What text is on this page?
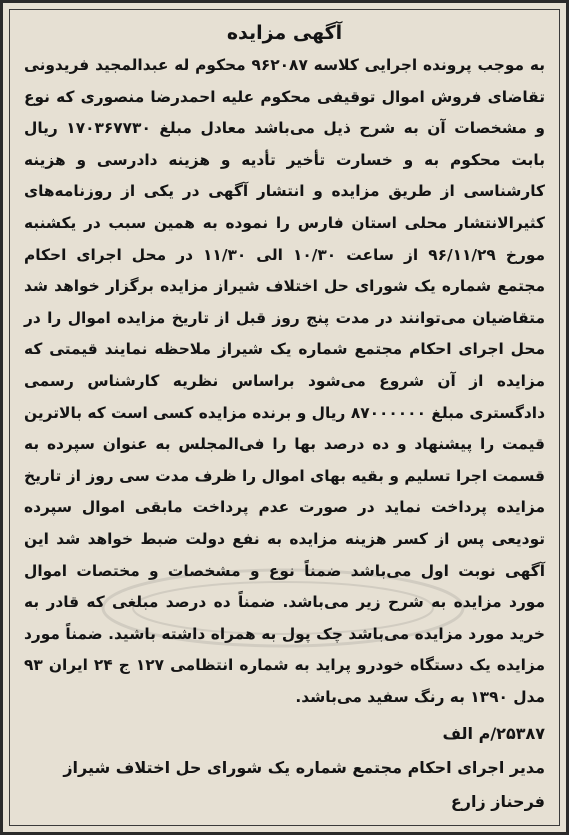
آگهی مزایده

به موجب پرونده اجرایی کلاسه ۹۶۲۰۸۷ محکوم له عبدالمجید فریدونی تقاضای فروش اموال توقیفی محکوم علیه احمدرضا منصوری که نوع و مشخصات آن به شرح ذیل می‌باشد معادل مبلغ ۱۷۰۳۶۷۷۳۰ ریال بابت محکوم به و خسارت تأخیر تأدیه و هزینه دادرسی و هزینه کارشناسی از طریق مزایده و انتشار آگهی در یکی از روزنامه‌های کثیرالانتشار محلی استان فارس را نموده به همین سبب در یکشنبه مورخ ۹۶/۱۱/۲۹ از ساعت ۱۰/۳۰ الی ۱۱/۳۰ در محل اجرای احکام مجتمع شماره یک شورای حل اختلاف شیراز مزایده برگزار خواهد شد متقاضیان می‌توانند در مدت پنج روز قبل از تاریخ مزایده اموال را در محل اجرای احکام مجتمع شماره یک شیراز ملاحظه نمایند قیمتی که مزایده از آن شروع می‌شود براساس نظریه کارشناس رسمی دادگستری مبلغ ۸۷۰۰۰۰۰۰ ریال و برنده مزایده کسی است که بالاترین قیمت را پیشنهاد و ده درصد بها را فی‌المجلس به عنوان سپرده به قسمت اجرا تسلیم و بقیه بهای اموال را ظرف مدت سی روز از تاریخ مزایده پرداخت نماید در صورت عدم پرداخت مابقی اموال سپرده تودیعی پس از کسر هزینه مزایده به نفع دولت ضبط خواهد شد این آگهی نوبت اول می‌باشد ضمناً نوع و مشخصات و مختصات اموال مورد مزایده به شرح زیر می‌باشد. ضمناً ده درصد مبلغی که قادر به خرید مورد مزایده می‌باشد چک پول به همراه داشته باشید. ضمناً مورد مزایده یک دستگاه خودرو پراید به شماره انتظامی ۱۲۷ ج ۲۴ ایران ۹۳ مدل ۱۳۹۰ به رنگ سفید می‌باشد.

۲۵۳۸۷/م الف
مدیر اجرای احکام مجتمع شماره یک شورای حل اختلاف شیراز
فرحناز زارع
